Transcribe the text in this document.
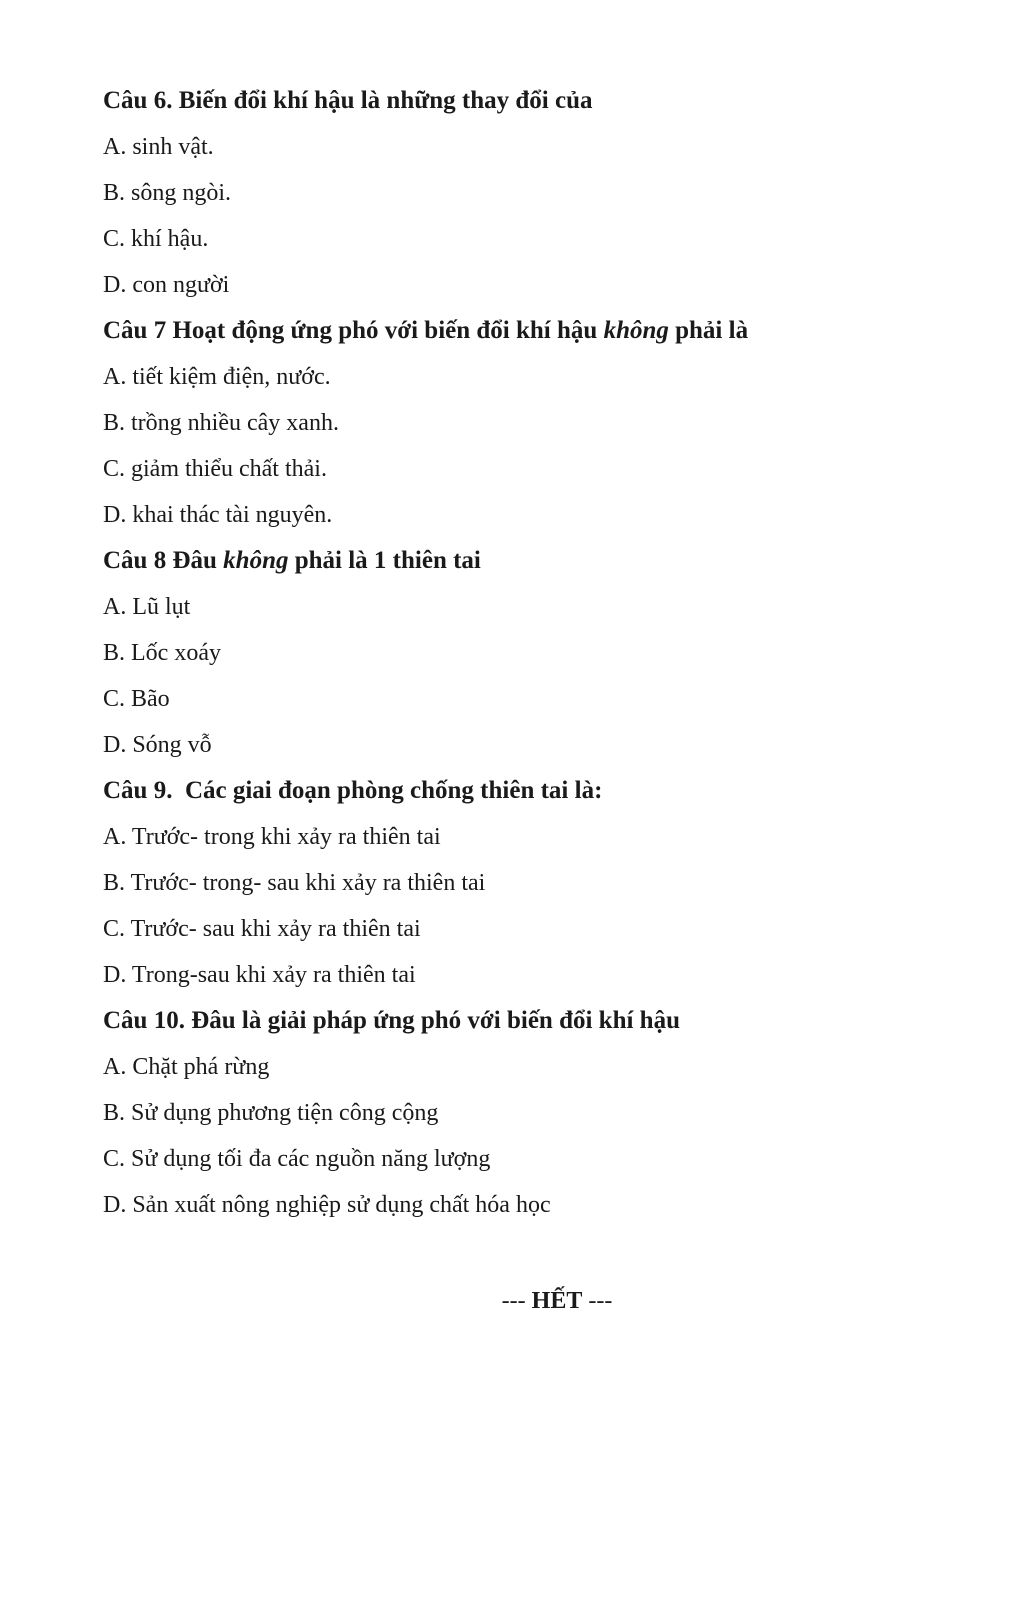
Câu 6. Biến đổi khí hậu là những thay đổi của

A. sinh vật.

B. sông ngòi.

C. khí hậu.

D. con người

Câu 7 Hoạt động ứng phó với biến đổi khí hậu không phải là

A. tiết kiệm điện, nước.

B. trồng nhiều cây xanh.

C. giảm thiểu chất thải.

D. khai thác tài nguyên.

Câu 8 Đâu không phải là 1 thiên tai

A. Lũ lụt

B. Lốc xoáy

C. Bão

D. Sóng vỗ

Câu 9.  Các giai đoạn phòng chống thiên tai là:

A. Trước- trong khi xảy ra thiên tai

B. Trước- trong- sau khi xảy ra thiên tai

C. Trước- sau khi xảy ra thiên tai

D. Trong-sau khi xảy ra thiên tai

Câu 10. Đâu là giải pháp ứng phó với biến đổi khí hậu

A. Chặt phá rừng

B. Sử dụng phương tiện công cộng

C. Sử dụng tối đa các nguồn năng lượng

D. Sản xuất nông nghiệp sử dụng chất hóa học

--- HẾT ---
